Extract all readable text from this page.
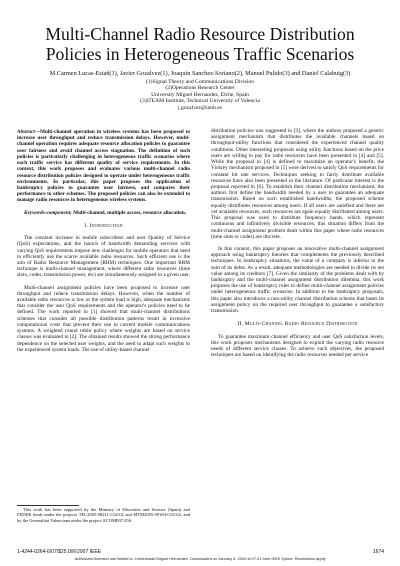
Multi-Channel Radio Resource Distribution Policies in Heterogeneous Traffic Scenarios
M.Carmen Lucas-Estañ(1), Javier Gozalvez(1), Joaquin Sanchez-Soriano(2), Manuel Pulido(3) and Daniel Calabuig(3)
(1)Signal Theory and Communications Division
(2)Operations Research Center
University Miguel Hernandez, Elche, Spain
(3)iTEAM Institute, Technical University of Valencia
j.gozalvez@umh.es

Abstract—Multi-channel operation in wireless systems has been proposed to increase user throughput and reduce transmission delays. However, multi-channel operation requires adequate resource allocation policies to guarantee user fairness and avoid channel access stagnation. The definition of such policies is particularly challenging in heterogeneous traffic scenarios where each traffic service has different quality of service requirements. In this context, this work proposes and evaluates various multi-channel radio resource distribution policies designed to operate under heterogeneous traffic environments. In particular, this paper proposes the application of bankruptcy policies to guarantee user fairness, and compares their performance to other schemes. The proposed policies can also be extended to manage radio resources in heterogeneous wireless systems.

Keywords-component; Multi-channel, multiple access, resource allocation.

I. Introduction

The constant increase in mobile subscribers and user Quality of Service (QoS) expectations, and the launch of bandwidth demanding services with varying QoS requirements impose new challenges for mobile operators that need to efficiently use the scarce available radio resources. Such efficient use is the aim of Radio Resource Management (RRM) techniques. One important RRM technique is multi-channel management, where different radio resources (time slots, codes, transmission power, etc) are simultaneously assigned to a given user.

Multi-channel assignment policies have been proposed to increase user throughput and reduce transmission delays. However, when the number of available radio resources is low or the system load is high, adequate mechanisms that consider the user QoS requirements and the operator's policies need to be defined. The work reported in [1] showed that multi-channel distributions schemes that consider all possible distribution patterns result in excessive computational costs that prevent their use in current mobile communications systems. A weighted round robin policy where weights are based on service classes was evaluated in [2]. The obtained results showed the strong performance dependence on the selected user weights, and the need to adapt such weights to the experienced system loads. The use of utility-based channel

distribution policies was suggested in [3], where the authors proposed a generic assignment mechanism that distributes the available channels based on throughput-utility functions that considered the experienced channel quality conditions. Other interesting proposals using utility functions based on the price users are willing to pay for radio resources have been presented in [4] and [5]. While the proposal in [4] is defined to maximize an operator's benefit, the Vickrey mechanism proposed in [5] were derived to satisfy QoS requirements for constant bit rate services. Techniques seeking to fairly distribute available resources have also been presented in the literature. Of particular interest is the proposal reported in [6]. To establish their channel distribution mechanism, the authors first define the bandwidth needed by a user to guarantee an adequate transmission. Based on such established bandwidths, the proposed scheme equally distributes resources among users. If all users are satisfied and there are yet available resources, such resources are again equally distributed among users. This proposal was used to distribute frequency bands, which represent continuous and infinitively divisible resources; this situation differs from the multi-channel assignment problem dealt within this paper where radio resources (time slots or codes) are discrete.

In this context, this paper proposes an innovative multi-channel assignment approach using bankruptcy theories that complements the previously described techniques. In bankruptcy situations, the value of a company is inferior to the sum of its debts. As a result, adequate methodologies are needed to divide its net value among its creditors [7]. Given the similarity of the problems dealt with by bankruptcy and the multi-channel assignment distribution dilemma, this work proposes the use of bankruptcy rules to define multi-channel assignment policies under heterogeneous traffic scenarios. In addition to the bankruptcy proposals, this paper also introduces a non-utility channel distribution scheme that bases its assignment policy on the required user throughput to guarantee a satisfactory transmission.

II. Multi-Channel Radio Resource Distribution

To guarantee maximum channel efficiency and user QoS satisfaction levels, this work proposes mechanisms designed to exploit the varying radio resource needs of different service classes. To achieve such objectives, the proposed techniques are based on identifying the radio resources needed per service

This work has been supported by the Ministry of Education and Science (Spain) and FEDER funds under the projects TEC2005-08211-C02-02 and MTM2005-09184-C02-02, and by the Generalitat Valenciana under the project ACOMP07/256.

1-4244-0264-6/07/$25.00©2007 IEEE	1674
Authorized licensed use limited to: Universidad Miguel Hernandez. Downloaded on January 8, 2009 at 07:21 from IEEE Xplore. Restrictions apply.
